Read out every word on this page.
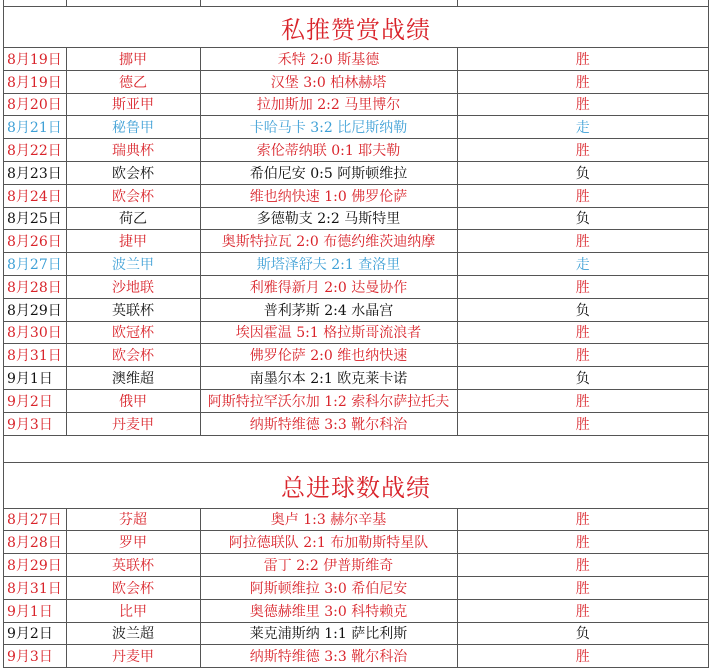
私推赞赏战绩
8月19日	挪甲	禾特 2:0 斯基德	胜
8月19日	德乙	汉堡 3:0 柏林赫塔	胜
8月20日	斯亚甲	拉加斯加 2:2 马里博尔	胜
8月21日	秘鲁甲	卡哈马卡 3:2 比尼斯纳勒	走
8月22日	瑞典杯	索伦蒂纳联 0:1 耶夫勒	胜
8月23日	欧会杯	希伯尼安 0:5 阿斯顿维拉	负
8月24日	欧会杯	维也纳快速 1:0 佛罗伦萨	胜
8月25日	荷乙	多德勒支 2:2 马斯特里	负
8月26日	捷甲	奥斯特拉瓦 2:0 布德约维茨迪纳摩	胜
8月27日	波兰甲	斯塔泽舒夫 2:1 查洛里	走
8月28日	沙地联	利雅得新月 2:0 达曼协作	胜
8月29日	英联杯	普利茅斯 2:4 水晶宫	负
8月30日	欧冠杯	埃因霍温 5:1 格拉斯哥流浪者	胜
8月31日	欧会杯	佛罗伦萨 2:0 维也纳快速	胜
9月1日	澳维超	南墨尔本 2:1 欧克莱卡诺	负
9月2日	俄甲	阿斯特拉罕沃尔加 1:2 索科尔萨拉托夫	胜
9月3日	丹麦甲	纳斯特维德 3:3 靴尔科治	胜
总进球数战绩
8月27日	芬超	奥卢 1:3 赫尔辛基	胜
8月28日	罗甲	阿拉德联队 2:1 布加勒斯特星队	胜
8月29日	英联杯	雷丁 2:2 伊普斯维奇	胜
8月31日	欧会杯	阿斯顿维拉 3:0 希伯尼安	胜
9月1日	比甲	奥德赫维里 3:0 科特赖克	胜
9月2日	波兰超	莱克浦斯纳 1:1 萨比利斯	负
9月3日	丹麦甲	纳斯特维德 3:3 靴尔科治	胜
